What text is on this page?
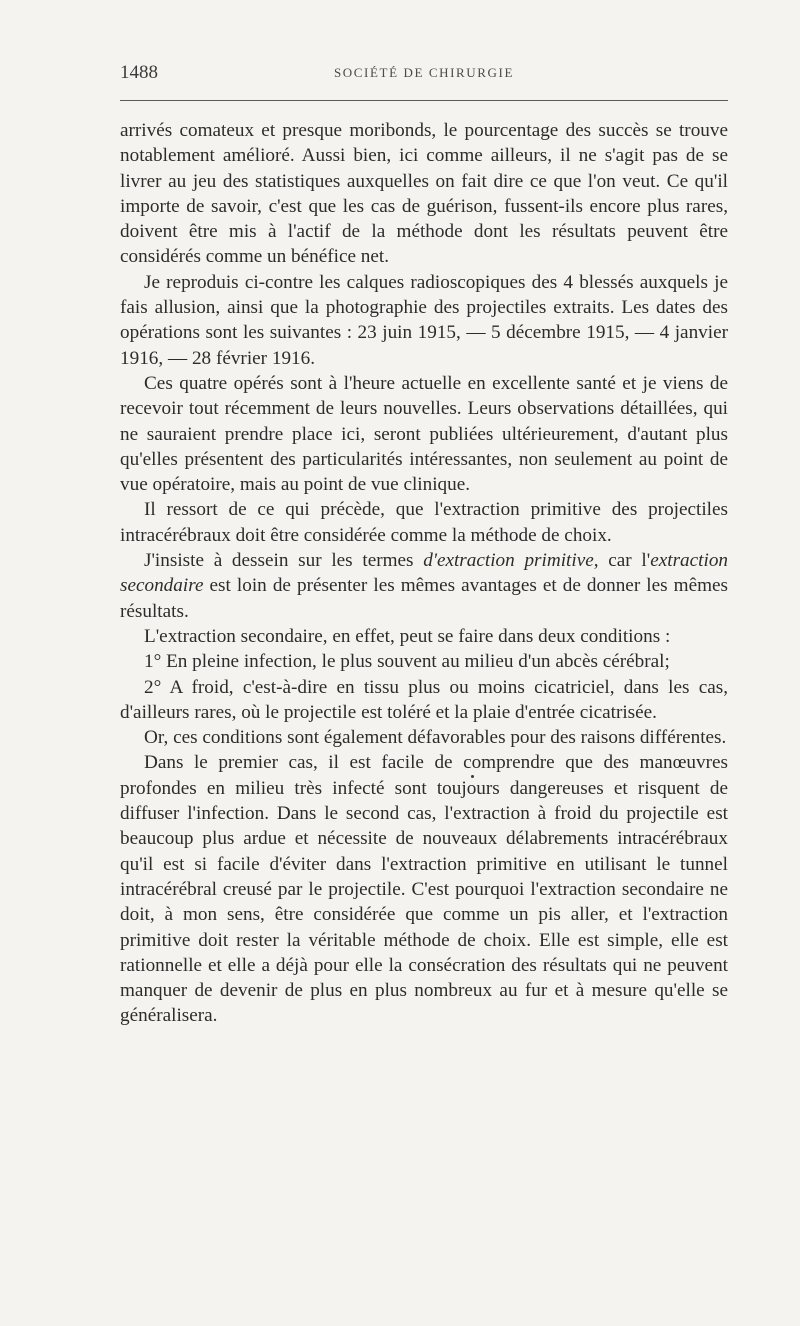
1488	SOCIÉTÉ DE CHIRURGIE

arrivés comateux et presque moribonds, le pourcentage des succès se trouve notablement amélioré. Aussi bien, ici comme ailleurs, il ne s'agit pas de se livrer au jeu des statistiques auxquelles on fait dire ce que l'on veut. Ce qu'il importe de savoir, c'est que les cas de guérison, fussent-ils encore plus rares, doivent être mis à l'actif de la méthode dont les résultats peuvent être considérés comme un bénéfice net.

Je reproduis ci-contre les calques radioscopiques des 4 blessés auxquels je fais allusion, ainsi que la photographie des projectiles extraits. Les dates des opérations sont les suivantes : 23 juin 1915, — 5 décembre 1915, — 4 janvier 1916, — 28 février 1916.

Ces quatre opérés sont à l'heure actuelle en excellente santé et je viens de recevoir tout récemment de leurs nouvelles. Leurs observations détaillées, qui ne sauraient prendre place ici, seront publiées ultérieurement, d'autant plus qu'elles présentent des particularités intéressantes, non seulement au point de vue opératoire, mais au point de vue clinique.

Il ressort de ce qui précède, que l'extraction primitive des projectiles intracérébraux doit être considérée comme la méthode de choix.

J'insiste à dessein sur les termes d'extraction primitive, car l'extraction secondaire est loin de présenter les mêmes avantages et de donner les mêmes résultats.

L'extraction secondaire, en effet, peut se faire dans deux conditions :

1° En pleine infection, le plus souvent au milieu d'un abcès cérébral;

2° A froid, c'est-à-dire en tissu plus ou moins cicatriciel, dans les cas, d'ailleurs rares, où le projectile est toléré et la plaie d'entrée cicatrisée.

Or, ces conditions sont également défavorables pour des raisons différentes.

Dans le premier cas, il est facile de comprendre que des manœuvres profondes en milieu très infecté sont toujours dangereuses et risquent de diffuser l'infection. Dans le second cas, l'extraction à froid du projectile est beaucoup plus ardue et nécessite de nouveaux délabrements intracérébraux qu'il est si facile d'éviter dans l'extraction primitive en utilisant le tunnel intracérébral creusé par le projectile. C'est pourquoi l'extraction secondaire ne doit, à mon sens, être considérée que comme un pis aller, et l'extraction primitive doit rester la véritable méthode de choix. Elle est simple, elle est rationnelle et elle a déjà pour elle la consécration des résultats qui ne peuvent manquer de devenir de plus en plus nombreux au fur et à mesure qu'elle se généralisera.
